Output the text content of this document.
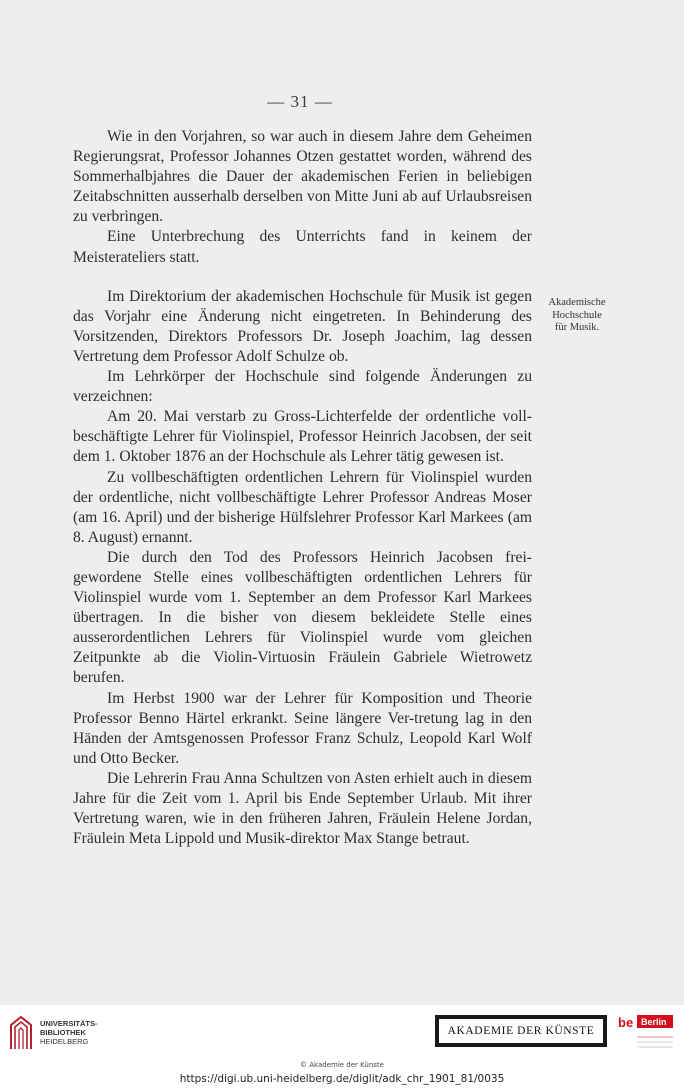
— 31 —

Wie in den Vorjahren, so war auch in diesem Jahre dem Geheimen Regierungsrat, Professor Johannes Otzen gestattet worden, während des Sommerhalbjahres die Dauer der akademischen Ferien in beliebigen Zeitabschnitten ausserhalb derselben von Mitte Juni ab auf Urlaubsreisen zu verbringen.

Eine Unterbrechung des Unterrichts fand in keinem der Meisterateliers statt.

Im Direktorium der akademischen Hochschule für Musik ist gegen das Vorjahr eine Änderung nicht eingetreten. In Behinderung des Vorsitzenden, Direktors Professors Dr. Joseph Joachim, lag dessen Vertretung dem Professor Adolf Schulze ob.

Im Lehrkörper der Hochschule sind folgende Änderungen zu verzeichnen:

Am 20. Mai verstarb zu Gross-Lichterfelde der ordentliche voll-beschäftigte Lehrer für Violinspiel, Professor Heinrich Jacobsen, der seit dem 1. Oktober 1876 an der Hochschule als Lehrer tätig gewesen ist.

Zu vollbeschäftigten ordentlichen Lehrern für Violinspiel wurden der ordentliche, nicht vollbeschäftigte Lehrer Professor Andreas Moser (am 16. April) und der bisherige Hülfslehrer Professor Karl Markees (am 8. August) ernannt.

Die durch den Tod des Professors Heinrich Jacobsen frei-gewordene Stelle eines vollbeschäftigten ordentlichen Lehrers für Violinspiel wurde vom 1. September an dem Professor Karl Markees übertragen. In die bisher von diesem bekleidete Stelle eines ausserordentlichen Lehrers für Violinspiel wurde vom gleichen Zeitpunkte ab die Violin-Virtuosin Fräulein Gabriele Wietrowetz berufen.

Im Herbst 1900 war der Lehrer für Komposition und Theorie Professor Benno Härtel erkrankt. Seine längere Ver-tretung lag in den Händen der Amtsgenossen Professor Franz Schulz, Leopold Karl Wolf und Otto Becker.

Die Lehrerin Frau Anna Schultzen von Asten erhielt auch in diesem Jahre für die Zeit vom 1. April bis Ende September Urlaub. Mit ihrer Vertretung waren, wie in den früheren Jahren, Fräulein Helene Jordan, Fräulein Meta Lippold und Musik-direktor Max Stange betraut.

Akademische
Hochschule
für Musik.
UNIVERSITÄTS-
BIBLIOTHEK
HEIDELBERG
AKADEMIE DER KÜNSTE
be Berlin
© Akademie der Künste
https://digi.ub.uni-heidelberg.de/diglit/adk_chr_1901_81/0035
